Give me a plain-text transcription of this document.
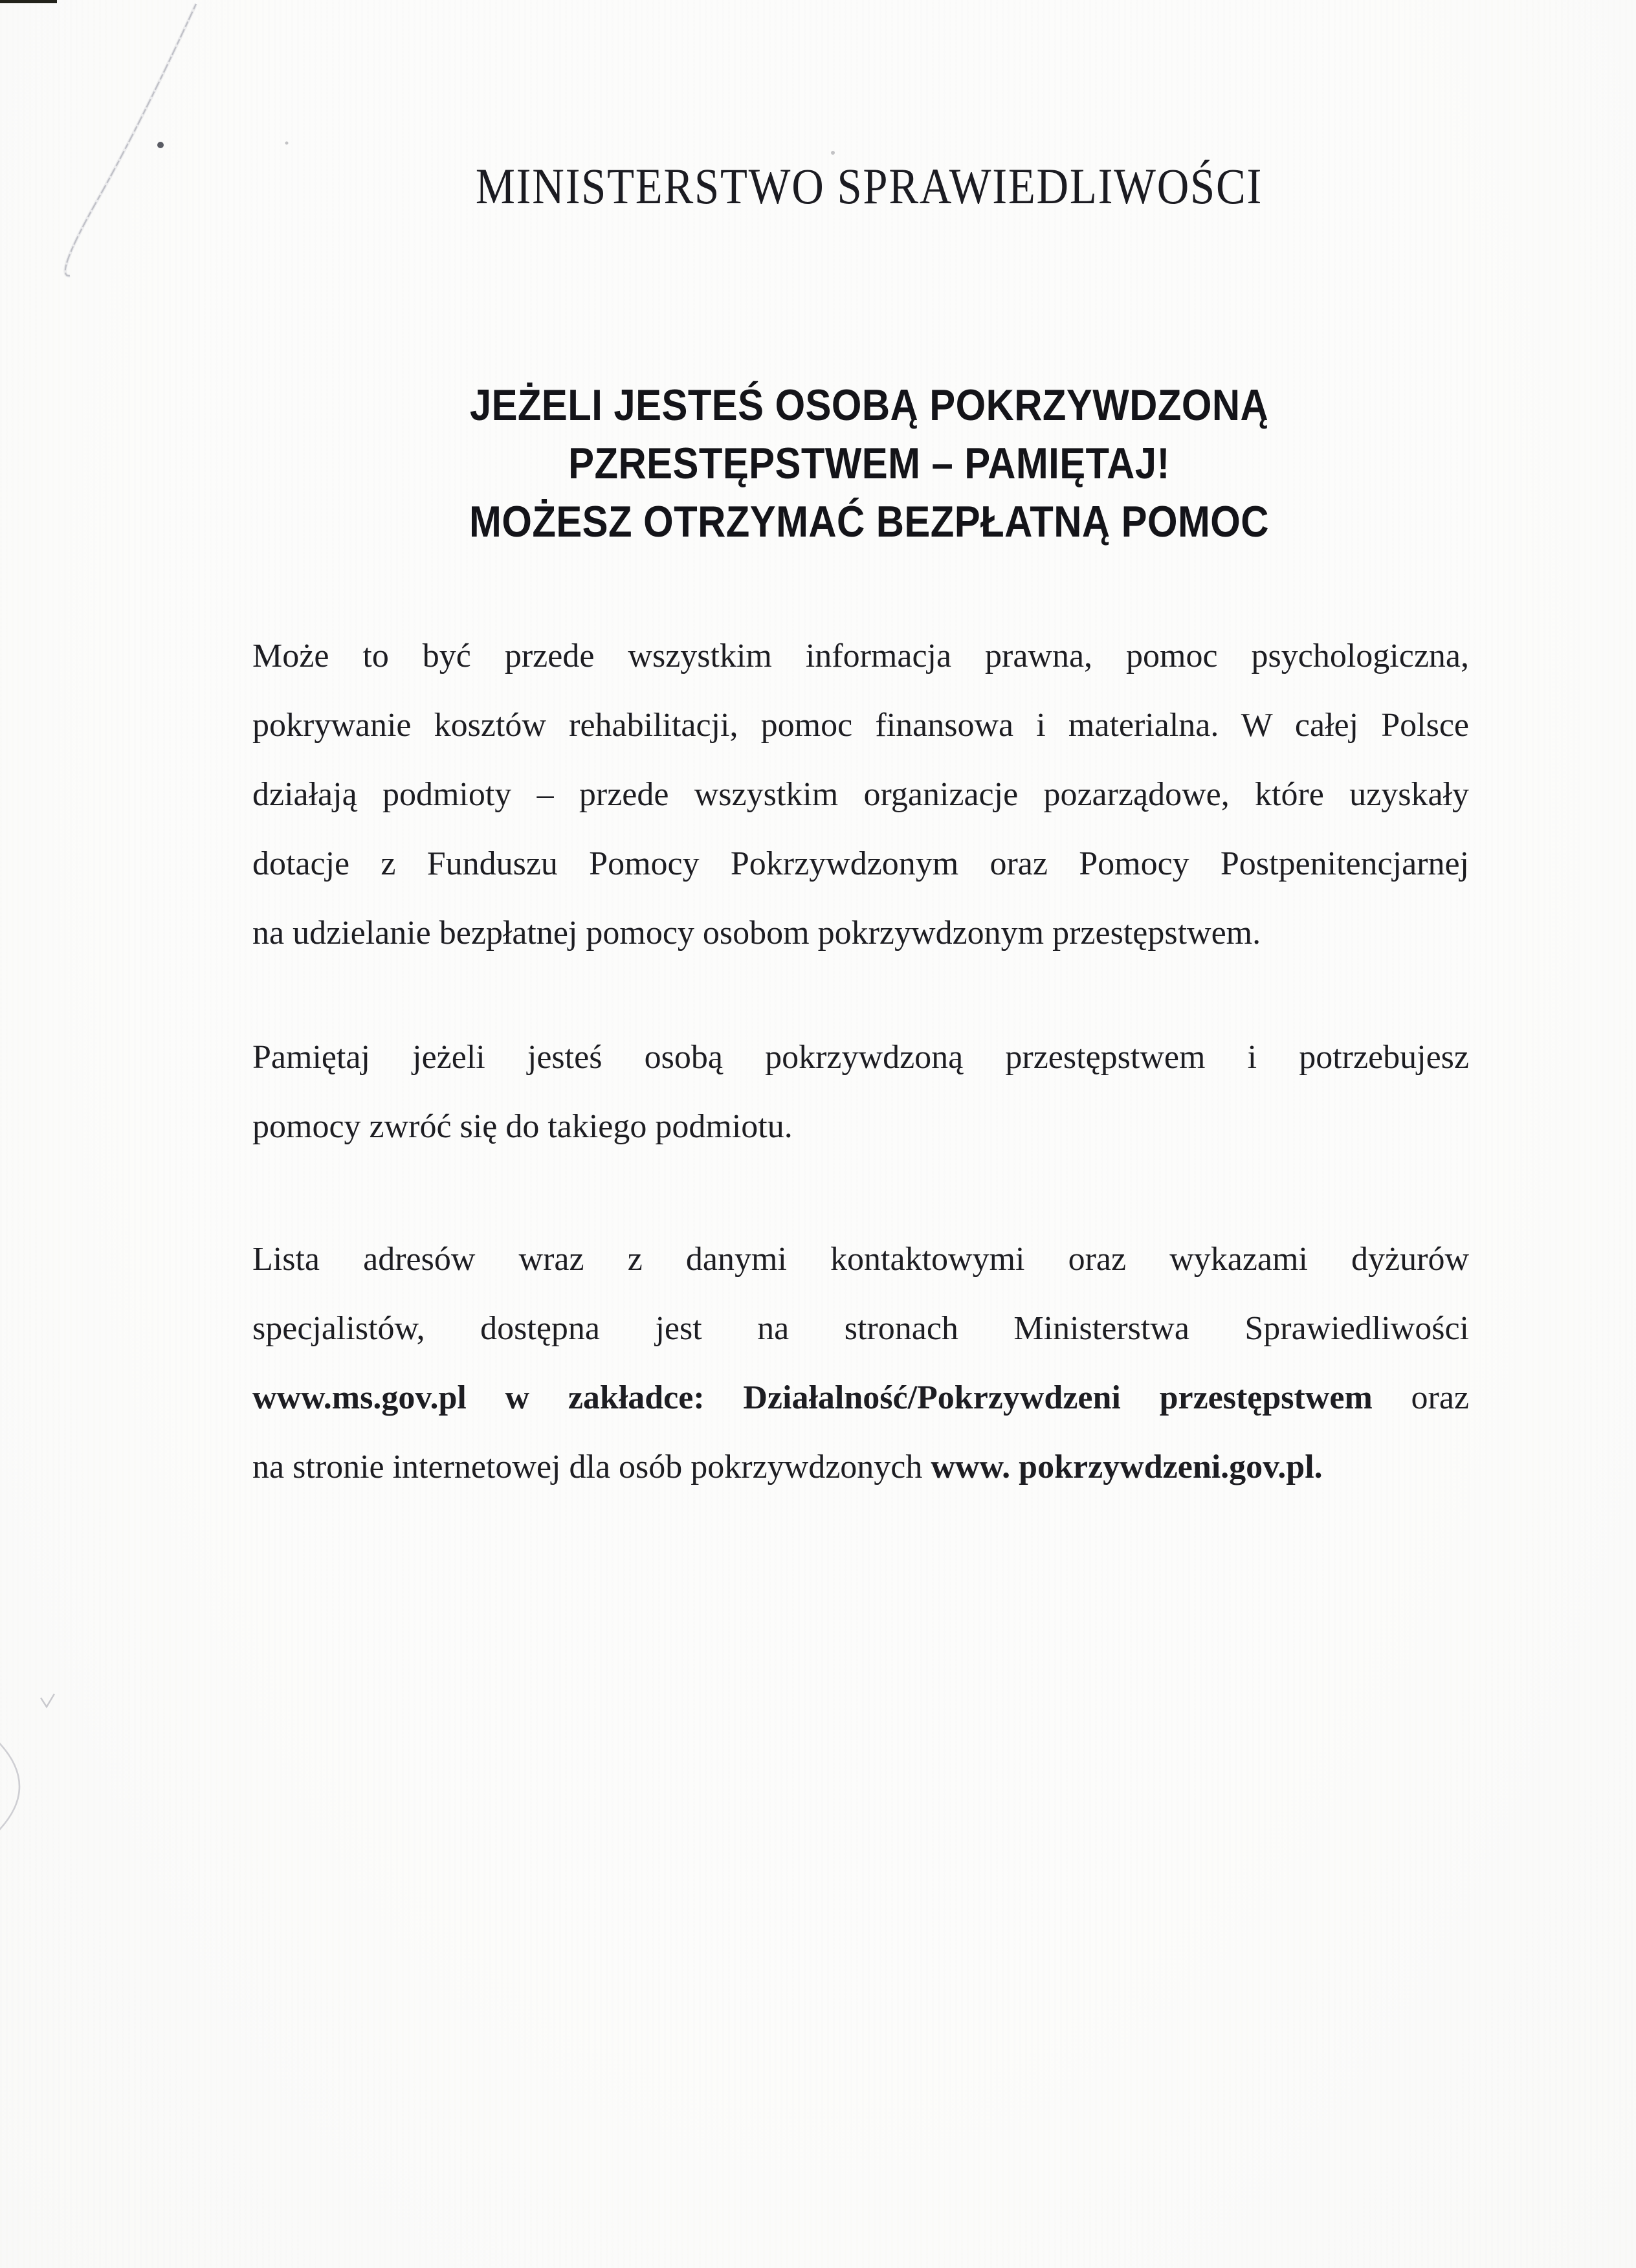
MINISTERSTWO SPRAWIEDLIWOŚCI
JEŻELI JESTEŚ OSOBĄ POKRZYWDZONĄ
PZRESTĘPSTWEM – PAMIĘTAJ!
MOŻESZ OTRZYMAĆ BEZPŁATNĄ POMOC
Może to być przede wszystkim informacja prawna, pomoc psychologiczna,
pokrywanie kosztów rehabilitacji, pomoc finansowa i materialna. W całej Polsce
działają podmioty – przede wszystkim organizacje pozarządowe, które uzyskały
dotacje z Funduszu Pomocy Pokrzywdzonym oraz Pomocy Postpenitencjarnej
na udzielanie bezpłatnej pomocy osobom pokrzywdzonym przestępstwem.
Pamiętaj jeżeli jesteś osobą pokrzywdzoną przestępstwem i potrzebujesz
pomocy zwróć się do takiego podmiotu.
Lista adresów wraz z danymi kontaktowymi oraz wykazami dyżurów
specjalistów, dostępna jest na stronach Ministerstwa Sprawiedliwości
www.ms.gov.pl w zakładce: Działalność/Pokrzywdzeni przestępstwem oraz
na stronie internetowej dla osób pokrzywdzonych www. pokrzywdzeni.gov.pl.
